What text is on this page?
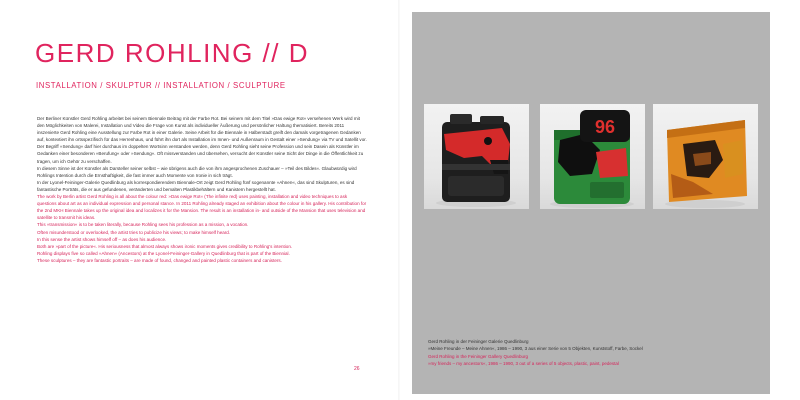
GERD ROHLING // D
INSTALLATION / SKULPTUR // INSTALLATION / SCULPTURE

Der Berliner Künstler Gerd Rohling arbeitet bei seinem Biennale Beitrag mit der Farbe Rot. Bei seinem mit dem Titel »Das ewige Rot« versehenen Werk wird mit den Möglichkeiten von Malerei, Installation und Video die Frage von Kunst als individueller Äußerung und persönlicher Haltung thematisiert. Bereits 2011 inszenierte Gerd Rohling eine Ausstellung zur Farbe Rot in einer Galerie. Seine Arbeit für die Biennale in Halberstadt greift den damals vorgetragenen Gedanken auf, kontextiert ihn ortsspezifisch für das Herrenhaus, und führt ihn dort als Installation im Innen- und Außenraum in Gestalt einer »Sendung« via TV und Satellit vor. Der Begriff »Sendung« darf hier durchaus im doppelten Wortsinn verstanden werden, denn Gerd Rohling sieht seine Profession und sein Dasein als Künstler im Gedanken einer besonderen »Berufung« oder »Sendung«. Oft missverstanden und übersehen, versucht der Künstler seine Sicht der Dinge in die Öffentlichkeit zu tragen, um ich Gehör zu verschaffen.

In diesem Sinne ist der Künstler als Darsteller seiner selbst – wie übrigens auch die von ihm angesprochenen Zuschauer – »Teil des Bildes«. Glaubwürdig wird Rohlings Intention durch die Ernsthaftigkeit, die fast immer auch Momente von Ironie in sich trägt.

In der Lyonel-Feininger-Galerie Quedlinburg als korrespondierendem Biennale-Ort zeigt Gerd Rohling fünf sogenannte »Ahnen«, das sind Skulpturen, es sind fantastische Porträts, die er aus gefundenen, veränderten und bemalten Plastikbehältern und Kanistern hergestellt hat.

The work by Berlin artist Gerd Rohling is all about the colour red: »Das ewige Rot« (The infinite red) uses painting, installation and video techniques to ask questions about art as an individual expression and personal stance. In 2011 Rohling already staged an exhibition about the colour in his gallery. His contribution for the 2nd MKH Biennale takes up the original idea and localizes it for the Mansion. The result is an installation in- and outside of the Mansion that uses television and satellite to transmit his ideas.

This »transmission« is to be taken literally, because Rohling sees his profession as a mission, a vocation.

Often misunderstood or overlooked, the artist tries to publicize his views; to make himself heard.

In this sense the artist shows himself off – as does his audience.

Both are »part of the picture«. His seriousness that almost always shows ironic moments gives credibility to Rohling's intention.

Rohling displays five so called »Ahnen« (Ancestors) at the Lyonel-Feininger-Gallery in Quedlinburg that is part of the Biennial.

These sculptures – they are fantastic portraits – are made of found, changed and painted plastic containers and canisters.

26
96
Gerd Rohling in der Feininger Galerie Quedlinburg
»Meine Freunde – Meine Ahnen«, 1986 – 1990, 3 aus einer Serie von 5 Objekten, Kunststoff, Farbe, Sockel
Gerd Rohling in the Feininger Gallery Quedlinburg
»my friends – my ancestors«, 1986 – 1990, 3 out of a series of 5 objects, plastic, paint, pedestal
